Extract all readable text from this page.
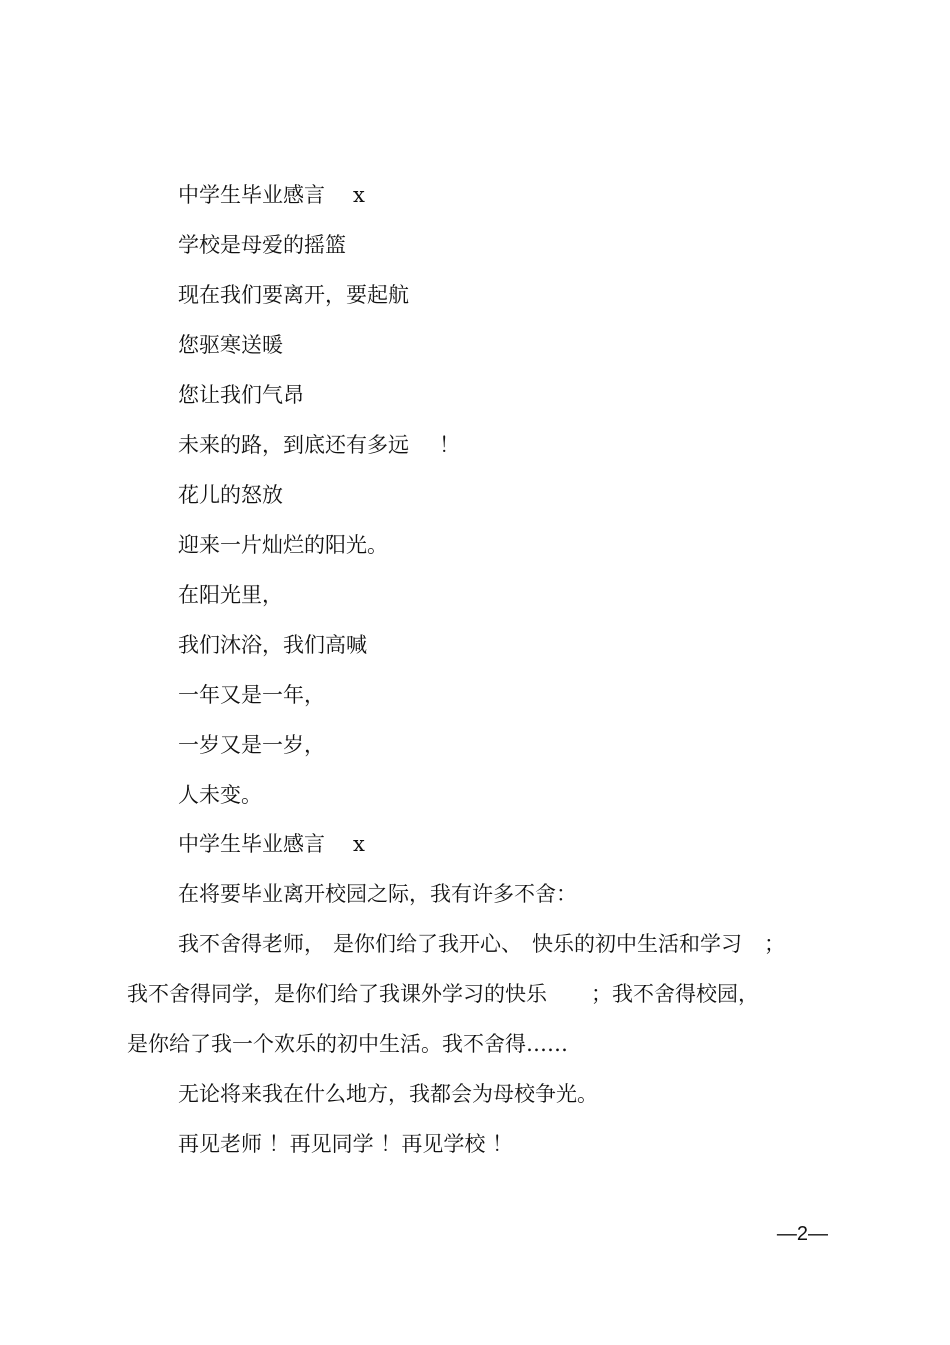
中学生毕业感言 x
学校是母爱的摇篮
现在我们要离开，要起航
您驱寒送暖
您让我们气昂
未来的路，到底还有多远 ！
花儿的怒放
迎来一片灿烂的阳光。
在阳光里，
我们沐浴，我们高喊
一年又是一年，
一岁又是一岁，
人未变。
中学生毕业感言 x
在将要毕业离开校园之际，我有许多不舍：
我不舍得老师， 是你们给了我开心、 快乐的初中生活和学习 ；
我不舍得同学，是你们给了我课外学习的快乐 ；我不舍得校园，
是你给了我一个欢乐的初中生活。我不舍得……
无论将来我在什么地方，我都会为母校争光。
再见老师 ！再见同学 ！再见学校 ！
—2—
